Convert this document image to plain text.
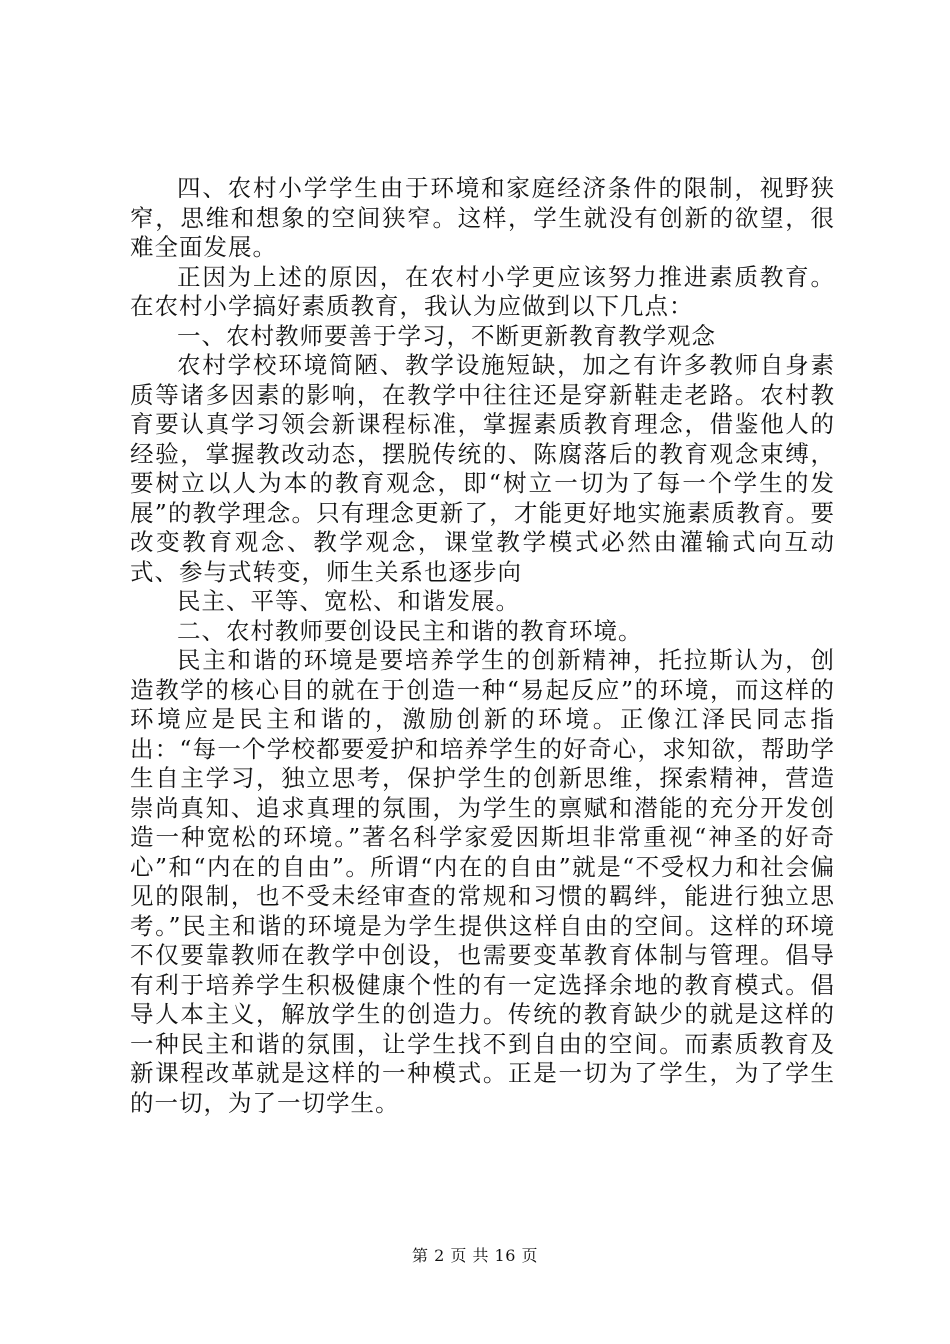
四、农村小学学生由于环境和家庭经济条件的限制，视野狭窄，思维和想象的空间狭窄。这样，学生就没有创新的欲望，很难全面发展。

正因为上述的原因，在农村小学更应该努力推进素质教育。在农村小学搞好素质教育，我认为应做到以下几点：

一、农村教师要善于学习，不断更新教育教学观念

农村学校环境简陋、教学设施短缺，加之有许多教师自身素质等诸多因素的影响，在教学中往往还是穿新鞋走老路。农村教育要认真学习领会新课程标准，掌握素质教育理念，借鉴他人的经验，掌握教改动态，摆脱传统的、陈腐落后的教育观念束缚，要树立以人为本的教育观念，即“树立一切为了每一个学生的发展”的教学理念。只有理念更新了，才能更好地实施素质教育。要改变教育观念、教学观念，课堂教学模式必然由灌输式向互动式、参与式转变，师生关系也逐步向

民主、平等、宽松、和谐发展。

二、农村教师要创设民主和谐的教育环境。

民主和谐的环境是要培养学生的创新精神，托拉斯认为，创造教学的核心目的就在于创造一种“易起反应”的环境，而这样的环境应是民主和谐的，激励创新的环境。正像江泽民同志指出：“每一个学校都要爱护和培养学生的好奇心，求知欲，帮助学生自主学习，独立思考，保护学生的创新思维，探索精神，营造崇尚真知、追求真理的氛围，为学生的禀赋和潜能的充分开发创造一种宽松的环境。”著名科学家爱因斯坦非常重视“神圣的好奇心”和“内在的自由”。所谓“内在的自由”就是“不受权力和社会偏见的限制，也不受未经审查的常规和习惯的羁绊，能进行独立思考。”民主和谐的环境是为学生提供这样自由的空间。这样的环境不仅要靠教师在教学中创设，也需要变革教育体制与管理。倡导有利于培养学生积极健康个性的有一定选择余地的教育模式。倡导人本主义，解放学生的创造力。传统的教育缺少的就是这样的一种民主和谐的氛围，让学生找不到自由的空间。而素质教育及新课程改革就是这样的一种模式。正是一切为了学生，为了学生的一切，为了一切学生。

第 2 页 共 16 页
